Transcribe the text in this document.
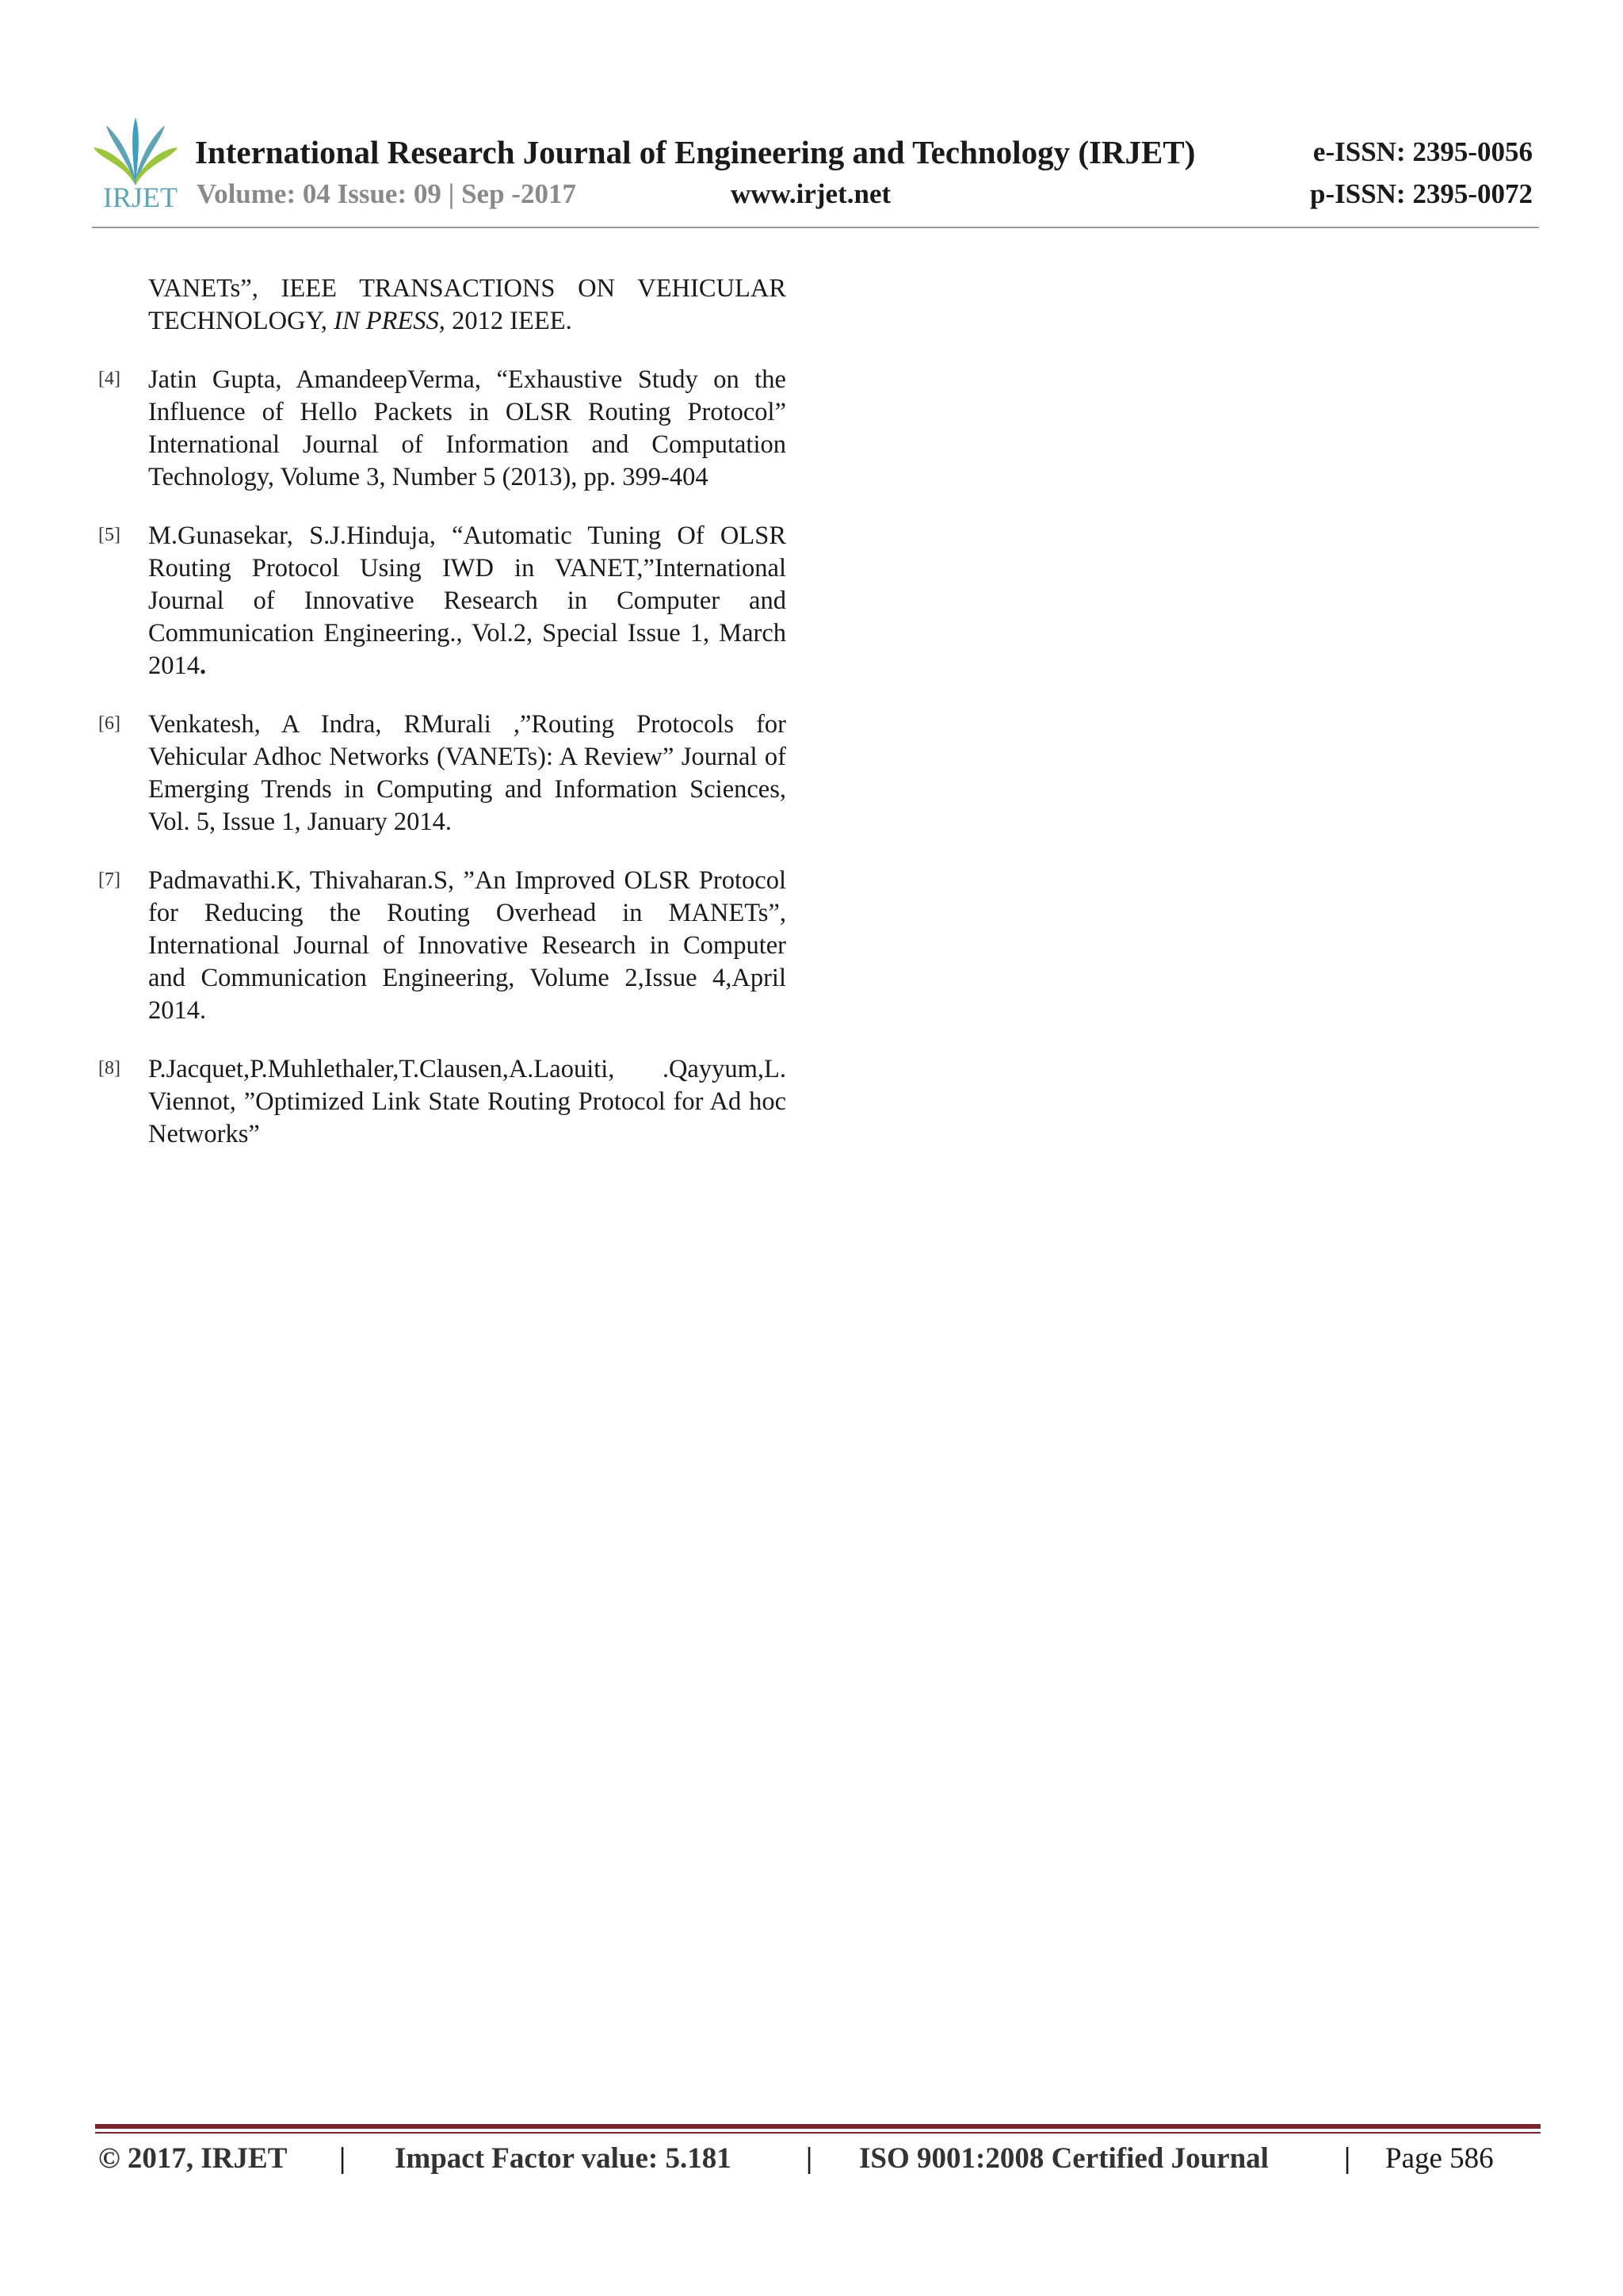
IRJET
International Research Journal of Engineering and Technology (IRJET)	e-ISSN: 2395-0056
Volume: 04 Issue: 09 | Sep -2017	www.irjet.net	p-ISSN: 2395-0072
VANETs”, IEEE TRANSACTIONS ON VEHICULAR TECHNOLOGY, IN PRESS, 2012 IEEE.
[4] Jatin Gupta, AmandeepVerma, “Exhaustive Study on the Influence of Hello Packets in OLSR Routing Protocol” International Journal of Information and Computation Technology, Volume 3, Number 5 (2013), pp. 399-404
[5] M.Gunasekar, S.J.Hinduja, “Automatic Tuning Of OLSR Routing Protocol Using IWD in VANET,”International Journal of Innovative Research in Computer and Communication Engineering., Vol.2, Special Issue 1, March 2014.
[6] Venkatesh, A Indra, RMurali ,”Routing Protocols for Vehicular Adhoc Networks (VANETs): A Review” Journal of Emerging Trends in Computing and Information Sciences, Vol. 5, Issue 1, January 2014.
[7] Padmavathi.K, Thivaharan.S, ”An Improved OLSR Protocol for Reducing the Routing Overhead in MANETs”, International Journal of Innovative Research in Computer and Communication Engineering, Volume 2,Issue 4,April 2014.
[8] P.Jacquet,P.Muhlethaler,T.Clausen,A.Laouiti, .Qayyum,L. Viennot, ”Optimized Link State Routing Protocol for Ad hoc Networks”
© 2017, IRJET | Impact Factor value: 5.181	| ISO 9001:2008 Certified Journal	| Page 586
